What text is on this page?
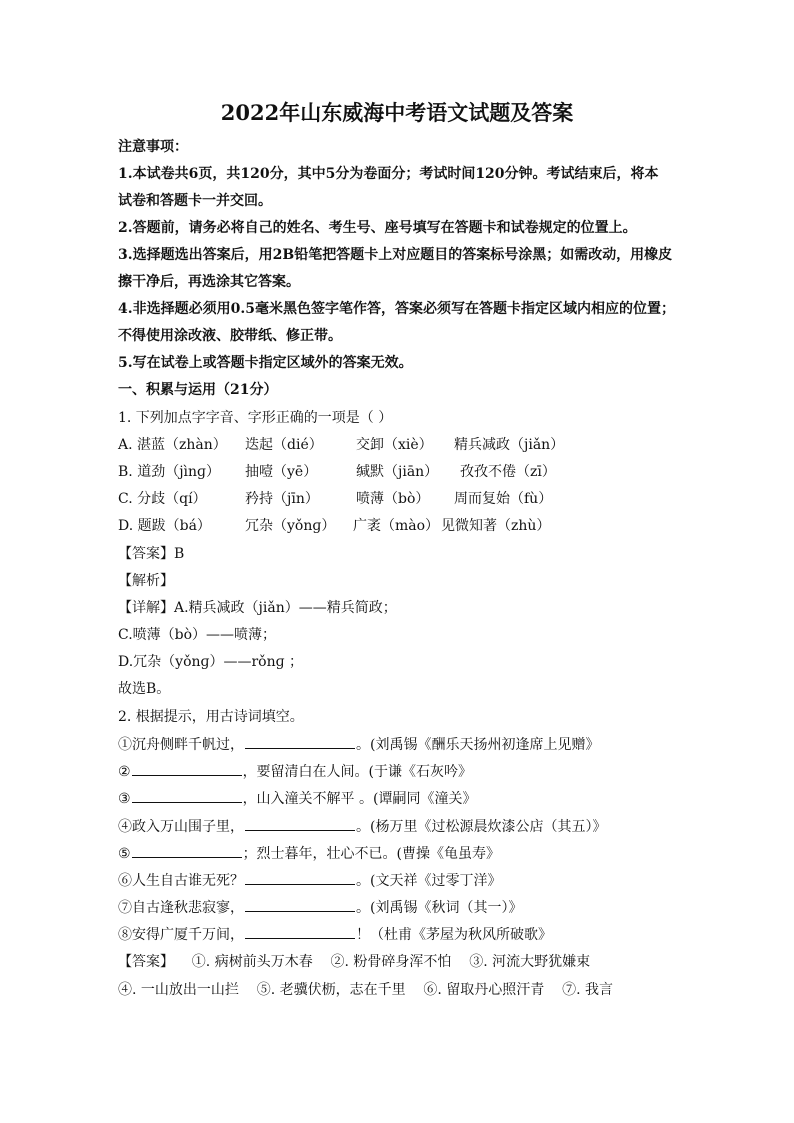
2022年山东威海中考语文试题及答案
注意事项：
1.本试卷共6页，共120分，其中5分为卷面分；考试时间120分钟。考试结束后，将本
试卷和答题卡一并交回。
2.答题前，请务必将自己的姓名、考生号、座号填写在答题卡和试卷规定的位置上。
3.选择题选出答案后，用2B铅笔把答题卡上对应题目的答案标号涂黑；如需改动，用橡皮
擦干净后，再选涂其它答案。
4.非选择题必须用0.5毫米黑色签字笔作答，答案必须写在答题卡指定区域内相应的位置；
不得使用涂改液、胶带纸、修正带。
5.写在试卷上或答题卡指定区域外的答案无效。
一、积累与运用（21分）
1. 下列加点字字音、字形正确的一项是（ ）
A. 湛蓝（zhàn） 迭起（dié） 交卸（xiè） 精兵减政（jiǎn）
B. 道劲（jìnɡ） 抽噎（yē）	缄默（jiān） 孜孜不倦（zī）
C. 分歧（qí）	矜持（jīn）	喷薄（bò） 周而复始（fù）
D. 题跋（bá） 冗杂（yǒnɡ） 广袤（mào） 见微知著（zhù）
【答案】B
【解析】
【详解】A.精兵减政（jiǎn）——精兵简政；
C.喷薄（bò）——喷薄；
D.冗杂（yǒnɡ）——rǒnɡ ；
故选B。
2. 根据提示，用古诗词填空。
①沉舟侧畔千帆过，	。(刘禹锡《酬乐天扬州初逢席上见赠》
②	，要留清白在人间。(于谦《石灰吟》
③	，山入潼关不解平 。(谭嗣同《潼关》
④政入万山围子里，	。(杨万里《过松源晨炊漆公店（其五）》
⑤	；烈士暮年，壮心不已。(曹操《龟虽寿》
⑥人生自古谁无死？	。(文天祥《过零丁洋》
⑦自古逢秋悲寂寥，	。(刘禹锡《秋词（其一）》
⑧安得广厦千万间，	！（杜甫《茅屋为秋风所破歌》
【答案】    ①. 病树前头万木春    ②. 粉骨碎身浑不怕    ③. 河流大野犹嫌束
④. 一山放出一山拦    ⑤. 老骥伏枥，志在千里    ⑥. 留取丹心照汗青    ⑦. 我言
